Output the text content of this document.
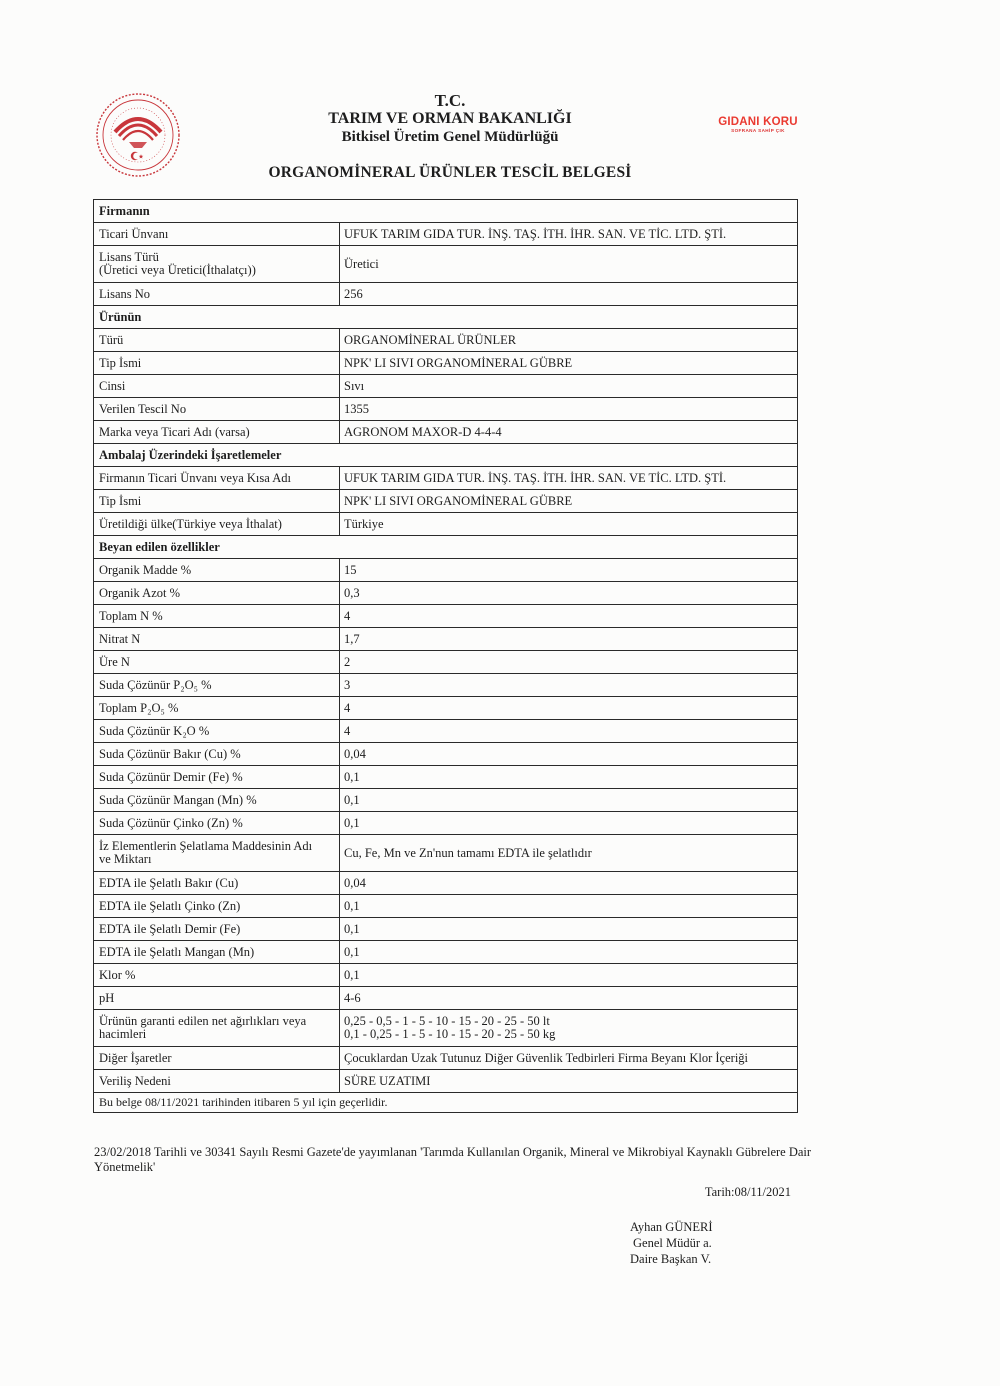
T.C.
TARIM VE ORMAN BAKANLIĞI
Bitkisel Üretim Genel Müdürlüğü
GIDANI KORU
SOFRANA SAHİP ÇIK
ORGANOMİNERAL ÜRÜNLER TESCİL BELGESİ
Firmanın	
Ticari Ünvanı	UFUK TARIM GIDA TUR. İNŞ. TAŞ. İTH. İHR. SAN. VE TİC. LTD. ŞTİ.
Lisans Türü
(Üretici veya Üretici(İthalatçı))	Üretici
Lisans No	256
Ürünün	
Türü	ORGANOMİNERAL ÜRÜNLER
Tip İsmi	NPK' LI SIVI ORGANOMİNERAL GÜBRE
Cinsi	Sıvı
Verilen Tescil No	1355
Marka veya Ticari Adı (varsa)	AGRONOM MAXOR-D 4-4-4
Ambalaj Üzerindeki İşaretlemeler	
Firmanın Ticari Ünvanı veya Kısa Adı	UFUK TARIM GIDA TUR. İNŞ. TAŞ. İTH. İHR. SAN. VE TİC. LTD. ŞTİ.
Tip İsmi	NPK' LI SIVI ORGANOMİNERAL GÜBRE
Üretildiği ülke(Türkiye veya İthalat)	Türkiye
Beyan edilen özellikler	
Organik Madde %	15
Organik Azot %	0,3
Toplam N %	4
Nitrat N	1,7
Üre N	2
Suda Çözünür P₂O₅ %	3
Toplam P₂O₅ %	4
Suda Çözünür K₂O %	4
Suda Çözünür Bakır (Cu) %	0,04
Suda Çözünür Demir (Fe) %	0,1
Suda Çözünür Mangan (Mn) %	0,1
Suda Çözünür Çinko (Zn) %	0,1
İz Elementlerin Şelatlama Maddesinin Adı
ve Miktarı	Cu, Fe, Mn ve Zn'nun tamamı EDTA ile şelatlıdır
EDTA ile Şelatlı Bakır (Cu)	0,04
EDTA ile Şelatlı Çinko (Zn)	0,1
EDTA ile Şelatlı Demir (Fe)	0,1
EDTA ile Şelatlı Mangan (Mn)	0,1
Klor %	0,1
pH	4-6
Ürünün garanti edilen net ağırlıkları veya
hacimleri	0,25 - 0,5 - 1 - 5 - 10 - 15 - 20 - 25 - 50 lt
0,1 - 0,25 - 1 - 5 - 10 - 15 - 20 - 25 - 50 kg
Diğer İşaretler	Çocuklardan Uzak Tutunuz Diğer Güvenlik Tedbirleri Firma Beyanı Klor İçeriği
Veriliş Nedeni	SÜRE UZATIMI
Bu belge 08/11/2021 tarihinden itibaren 5 yıl için geçerlidir.	
23/02/2018 Tarihli ve 30341 Sayılı Resmi Gazete'de yayımlanan 'Tarımda Kullanılan Organik, Mineral ve Mikrobiyal Kaynaklı Gübrelere Dair Yönetmelik'
Tarih:08/11/2021
Ayhan GÜNERİ
Genel Müdür a.
Daire Başkan V.
